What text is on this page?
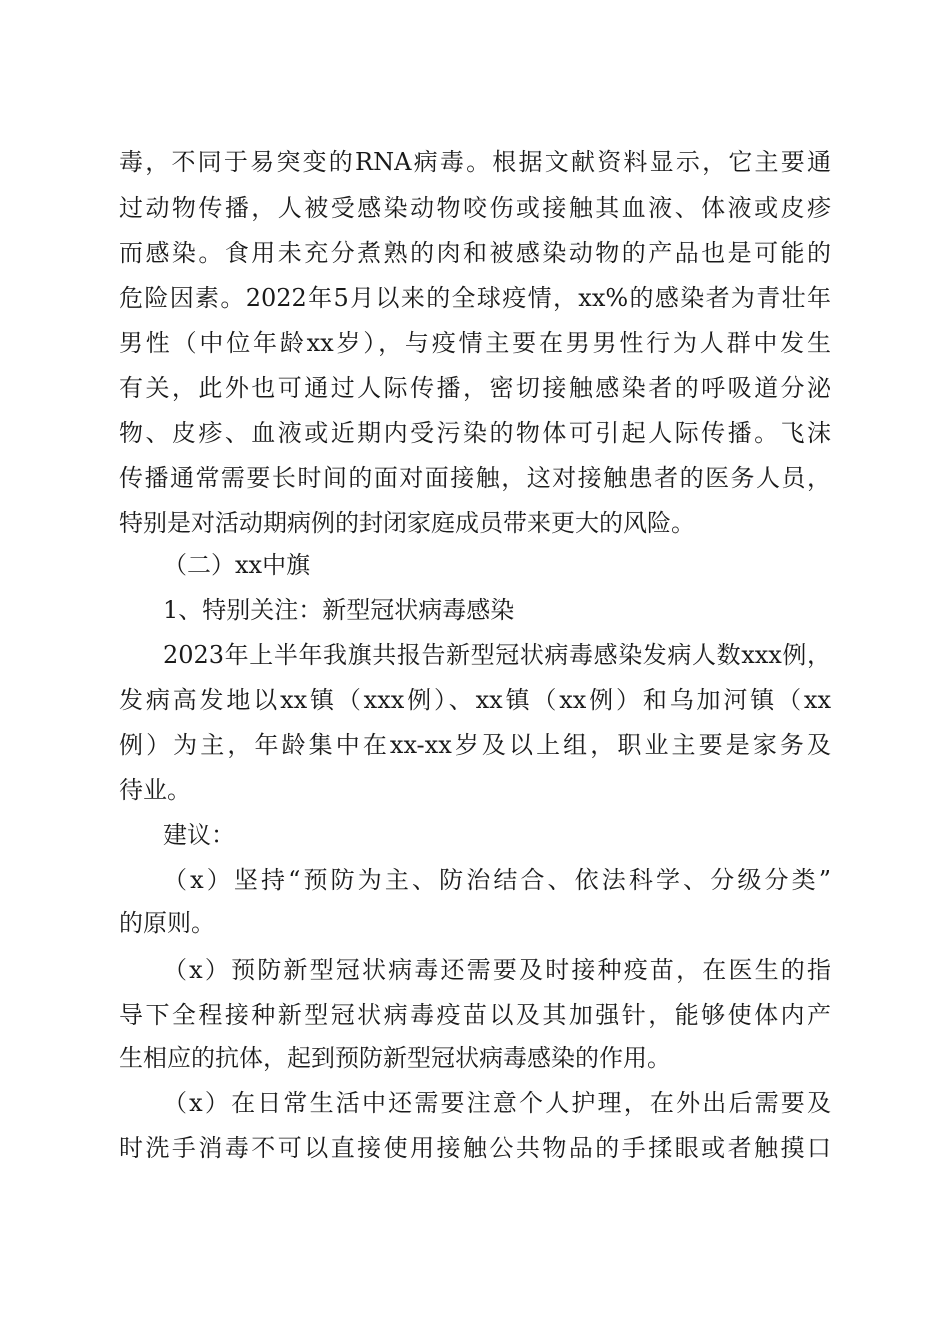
毒，不同于易突变的RNA病毒。根据文献资料显示，它主要通
过动物传播，人被受感染动物咬伤或接触其血液、体液或皮疹
而感染。食用未充分煮熟的肉和被感染动物的产品也是可能的
危险因素。2022年5月以来的全球疫情，xx%的感染者为青壮年
男性（中位年龄xx岁），与疫情主要在男男性行为人群中发生
有关，此外也可通过人际传播，密切接触感染者的呼吸道分泌
物、皮疹、血液或近期内受污染的物体可引起人际传播。飞沫
传播通常需要长时间的面对面接触，这对接触患者的医务人员，
特别是对活动期病例的封闭家庭成员带来更大的风险。
（二）xx中旗
1、特别关注：新型冠状病毒感染
2023年上半年我旗共报告新型冠状病毒感染发病人数xxx例，
发病高发地以xx镇（xxx例）、xx镇（xx例）和乌加河镇（xx
例）为主，年龄集中在xx-xx岁及以上组，职业主要是家务及
待业。
建议：
（x）坚持“预防为主、防治结合、依法科学、分级分类”
的原则。
（x）预防新型冠状病毒还需要及时接种疫苗，在医生的指
导下全程接种新型冠状病毒疫苗以及其加强针，能够使体内产
生相应的抗体，起到预防新型冠状病毒感染的作用。
（x）在日常生活中还需要注意个人护理，在外出后需要及
时洗手消毒不可以直接使用接触公共物品的手揉眼或者触摸口
